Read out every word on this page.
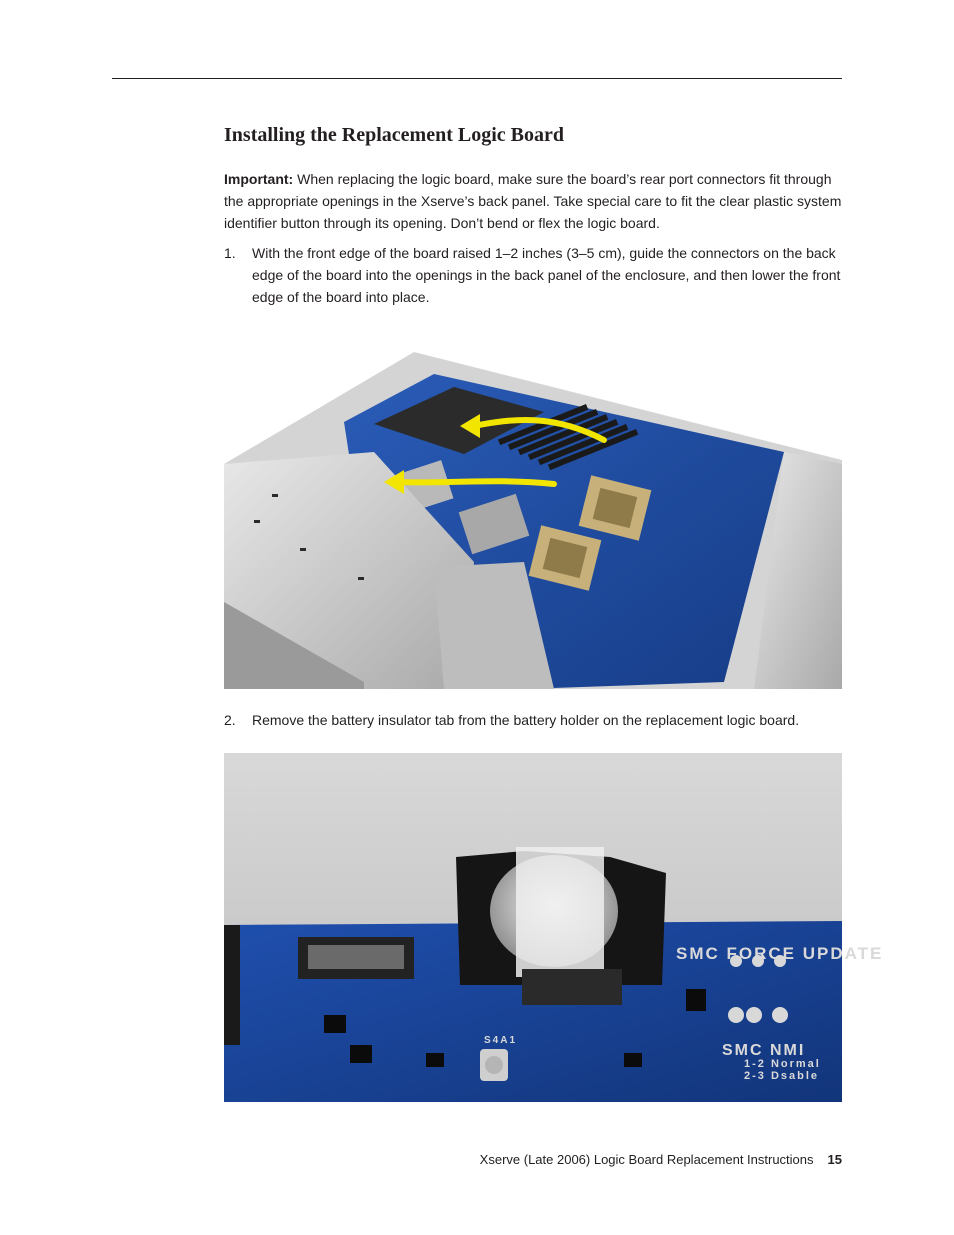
Installing the Replacement Logic Board

Important: When replacing the logic board, make sure the board’s rear port connectors fit through the appropriate openings in the Xserve’s back panel. Take special care to fit the clear plastic system identifier button through its opening. Don’t bend or flex the logic board.

1. With the front edge of the board raised 1–2 inches (3–5 cm), guide the connectors on the back edge of the board into the openings in the back panel of the enclosure, and then lower the front edge of the board into place.
2. Remove the battery insulator tab from the battery holder on the replacement logic board.
SMC FORCE UPDATE
SMC NMI
1-2 Normal
2-3 Dsable
S4A1
Xserve (Late 2006) Logic Board Replacement Instructions 15
